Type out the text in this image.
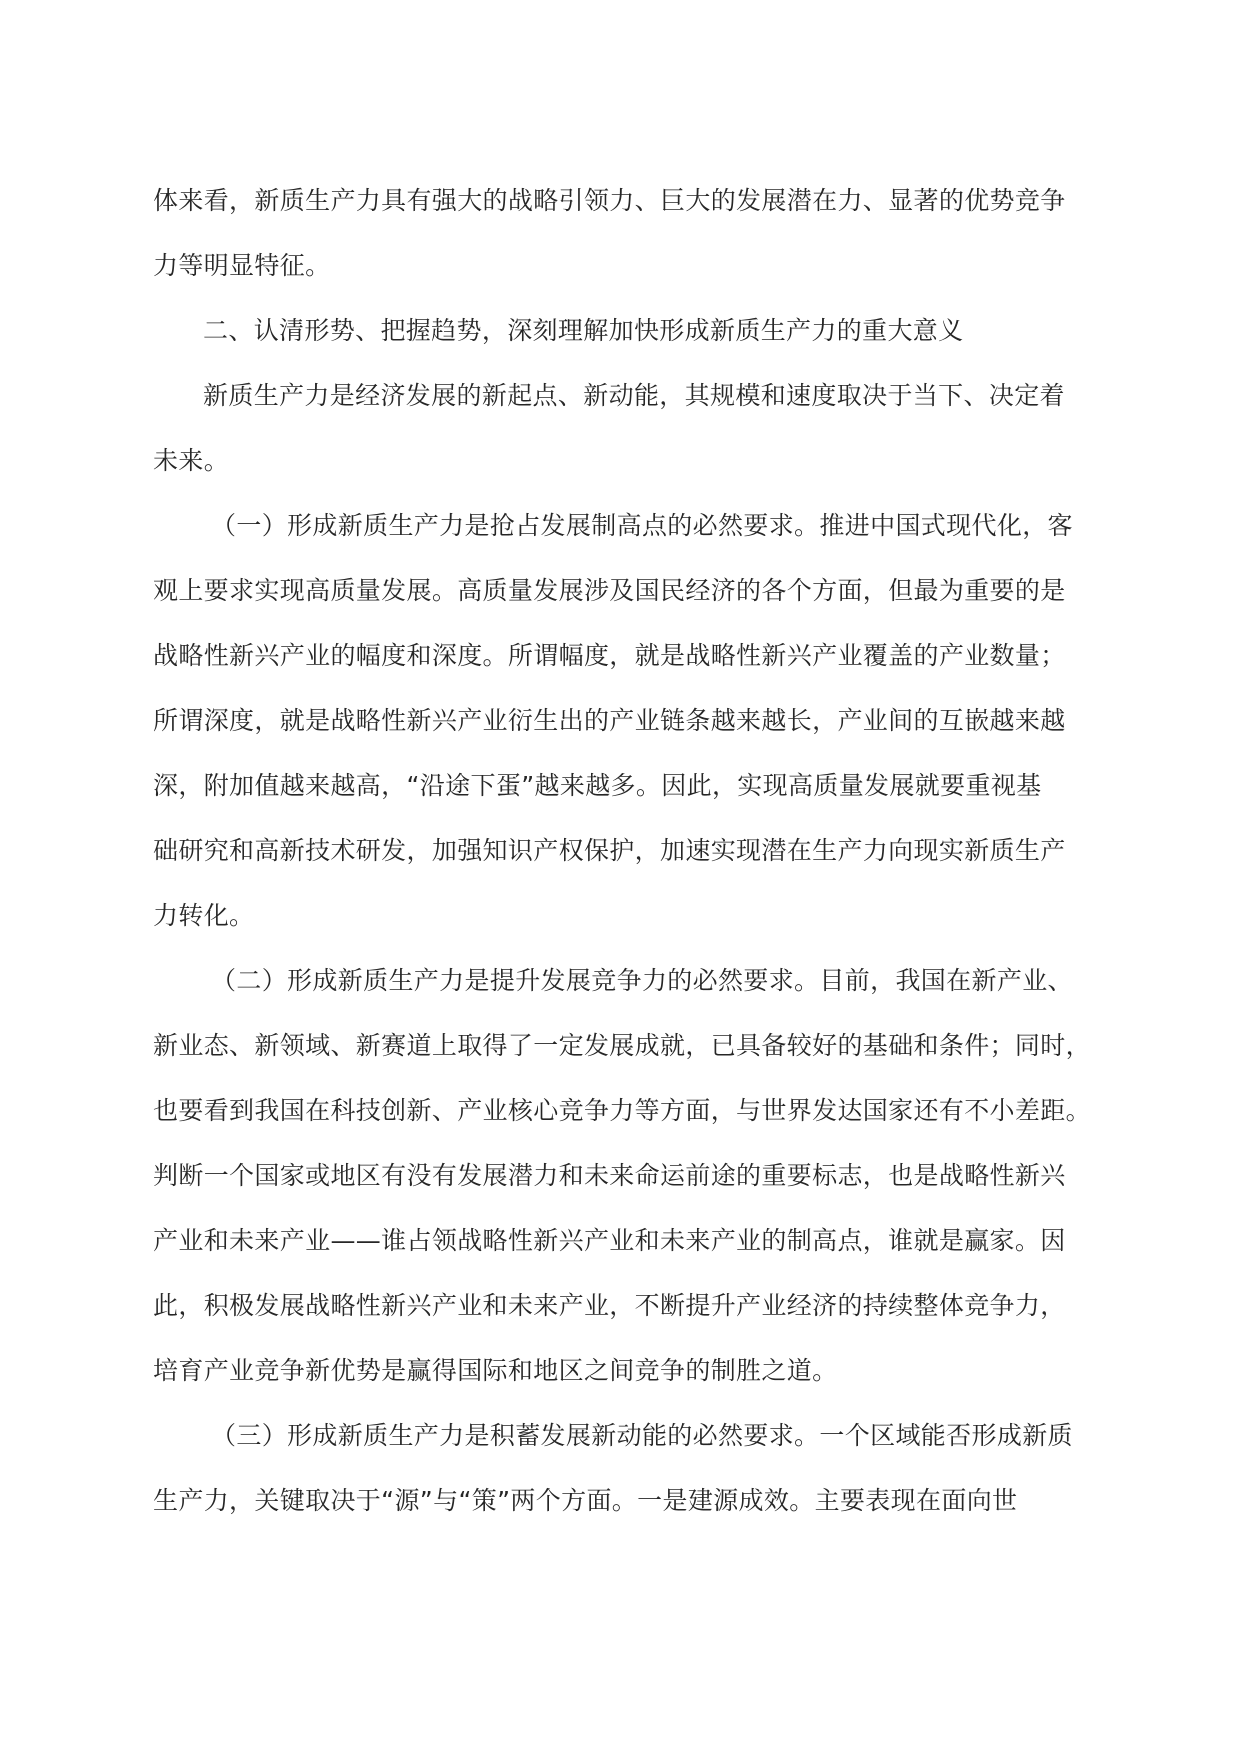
体来看，新质生产力具有强大的战略引领力、巨大的发展潜在力、显著的优势竞争

力等明显特征。

二、认清形势、把握趋势，深刻理解加快形成新质生产力的重大意义

新质生产力是经济发展的新起点、新动能，其规模和速度取决于当下、决定着

未来。

（一）形成新质生产力是抢占发展制高点的必然要求。推进中国式现代化，客

观上要求实现高质量发展。高质量发展涉及国民经济的各个方面，但最为重要的是

战略性新兴产业的幅度和深度。所谓幅度，就是战略性新兴产业覆盖的产业数量；

所谓深度，就是战略性新兴产业衍生出的产业链条越来越长，产业间的互嵌越来越

深，附加值越来越高，“沿途下蛋”越来越多。因此，实现高质量发展就要重视基

础研究和高新技术研发，加强知识产权保护，加速实现潜在生产力向现实新质生产

力转化。

（二）形成新质生产力是提升发展竞争力的必然要求。目前，我国在新产业、

新业态、新领域、新赛道上取得了一定发展成就，已具备较好的基础和条件；同时，

也要看到我国在科技创新、产业核心竞争力等方面，与世界发达国家还有不小差距。

判断一个国家或地区有没有发展潜力和未来命运前途的重要标志，也是战略性新兴

产业和未来产业——谁占领战略性新兴产业和未来产业的制高点，谁就是赢家。因

此，积极发展战略性新兴产业和未来产业，不断提升产业经济的持续整体竞争力，

培育产业竞争新优势是赢得国际和地区之间竞争的制胜之道。

（三）形成新质生产力是积蓄发展新动能的必然要求。一个区域能否形成新质

生产力，关键取决于“源”与“策”两个方面。一是建源成效。主要表现在面向世
